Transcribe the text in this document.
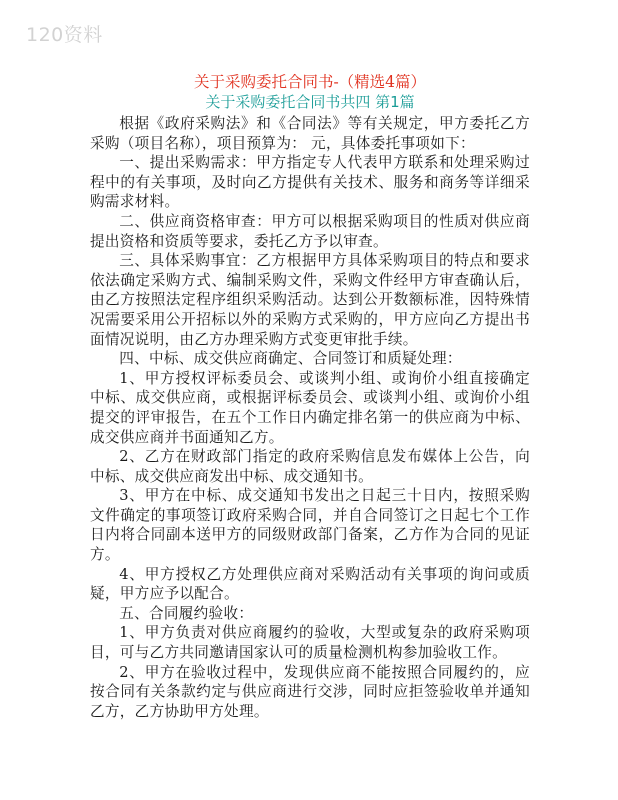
120资料

关于采购委托合同书-（精选4篇）

关于采购委托合同书共四 第1篇

根据《政府采购法》和《合同法》等有关规定，甲方委托乙方采购（项目名称），项目预算为： 元，具体委托事项如下：

一、提出采购需求：甲方指定专人代表甲方联系和处理采购过程中的有关事项，及时向乙方提供有关技术、服务和商务等详细采购需求材料。

二、供应商资格审查：甲方可以根据采购项目的性质对供应商提出资格和资质等要求，委托乙方予以审查。

三、具体采购事宜：乙方根据甲方具体采购项目的特点和要求依法确定采购方式、编制采购文件，采购文件经甲方审查确认后，由乙方按照法定程序组织采购活动。达到公开数额标准，因特殊情况需要采用公开招标以外的采购方式采购的，甲方应向乙方提出书面情况说明，由乙方办理采购方式变更审批手续。

四、中标、成交供应商确定、合同签订和质疑处理：

1、甲方授权评标委员会、或谈判小组、或询价小组直接确定中标、成交供应商，或根据评标委员会、或谈判小组、或询价小组提交的评审报告，在五个工作日内确定排名第一的供应商为中标、成交供应商并书面通知乙方。

2、乙方在财政部门指定的政府采购信息发布媒体上公告，向中标、成交供应商发出中标、成交通知书。

3、甲方在中标、成交通知书发出之日起三十日内，按照采购文件确定的事项签订政府采购合同，并自合同签订之日起七个工作日内将合同副本送甲方的同级财政部门备案，乙方作为合同的见证方。

4、甲方授权乙方处理供应商对采购活动有关事项的询问或质疑，甲方应予以配合。

五、合同履约验收：

1、甲方负责对供应商履约的验收，大型或复杂的政府采购项目，可与乙方共同邀请国家认可的质量检测机构参加验收工作。

2、甲方在验收过程中，发现供应商不能按照合同履约的，应按合同有关条款约定与供应商进行交涉，同时应拒签验收单并通知乙方，乙方协助甲方处理。
